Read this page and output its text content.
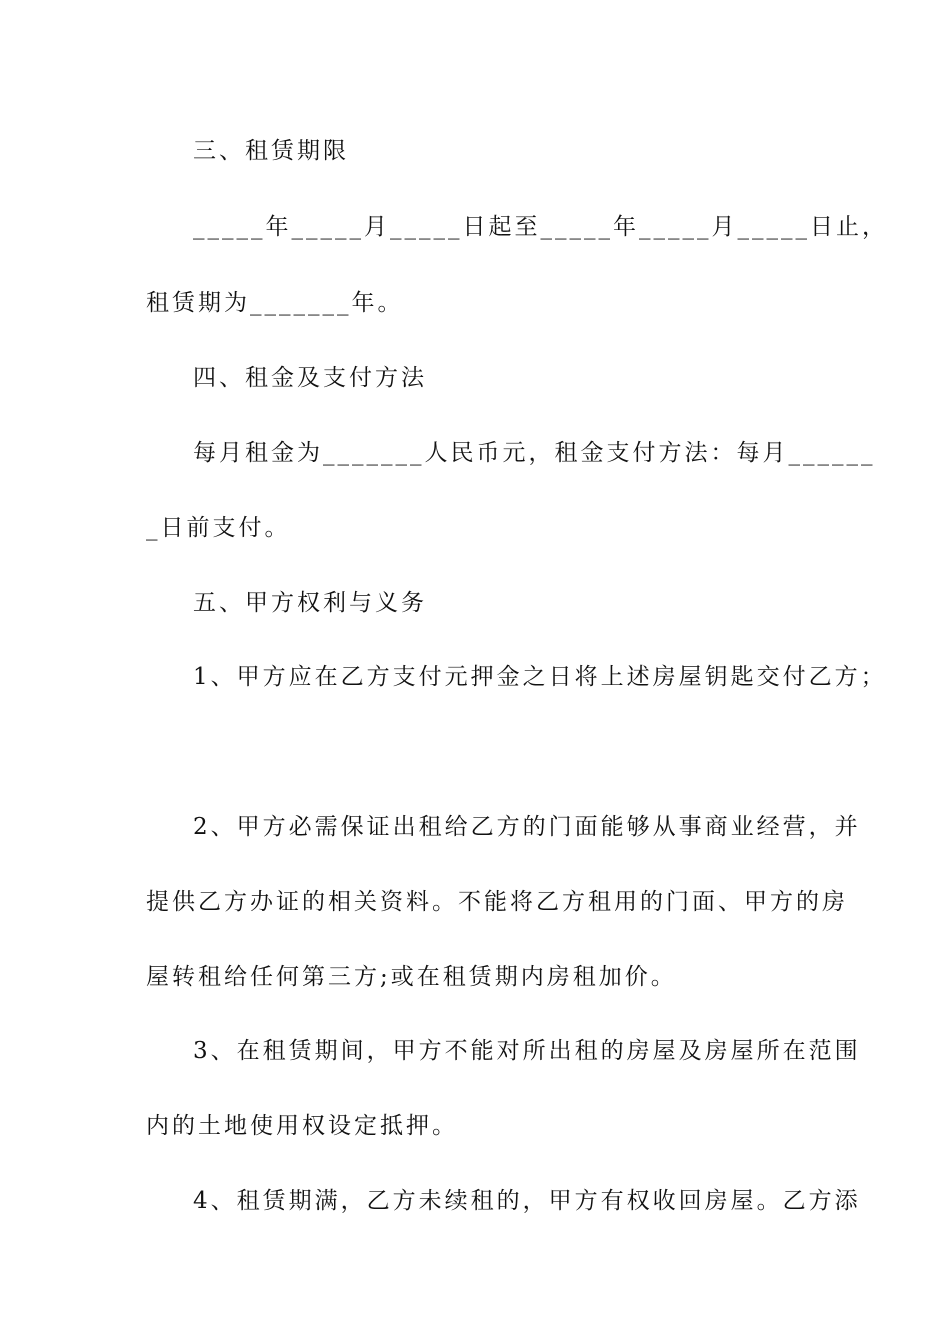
三、租赁期限
_____年_____月_____日起至_____年_____月_____日止，
租赁期为_______年。
四、租金及支付方法
每月租金为_______人民币元，租金支付方法：每月______
_日前支付。
五、甲方权利与义务
1、甲方应在乙方支付元押金之日将上述房屋钥匙交付乙方；
2、甲方必需保证出租给乙方的门面能够从事商业经营，并
提供乙方办证的相关资料。不能将乙方租用的门面、甲方的房
屋转租给任何第三方;或在租赁期内房租加价。
3、在租赁期间，甲方不能对所出租的房屋及房屋所在范围
内的土地使用权设定抵押。
4、租赁期满，乙方未续租的，甲方有权收回房屋。乙方添
